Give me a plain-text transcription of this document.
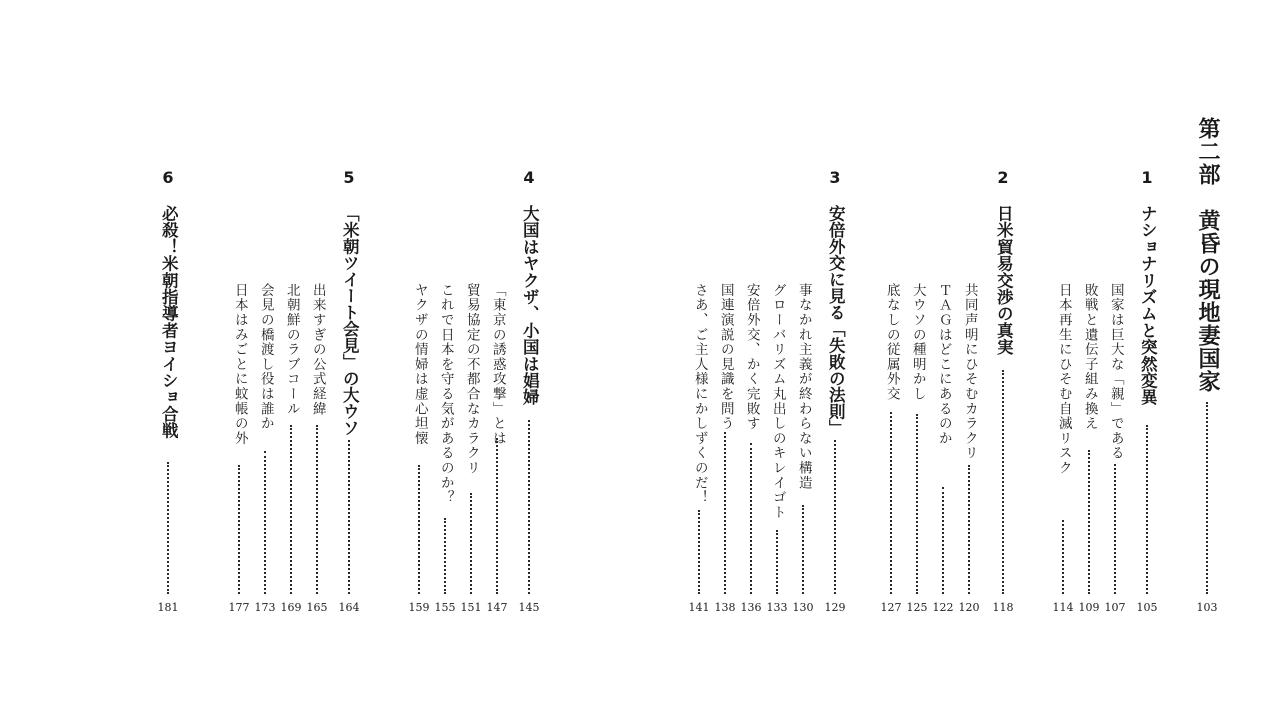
第二部　黄昏の現地妻国家
103
1
ナショナリズムと突然変異
105
国家は巨大な「親」である
107
敗戦と遺伝子組み換え
109
日本再生にひそむ自滅リスク
114
2
日米貿易交渉の真実
118
共同声明にひそむカラクリ
120
ＴＡＧはどこにあるのか
122
大ウソの種明かし
125
底なしの従属外交
127
3
安倍外交に見る「失敗の法則」
129
事なかれ主義が終わらない構造
130
グローバリズム丸出しのキレイゴト
133
安倍外交、かく完敗す
136
国連演説の見識を問う
138
さあ、ご主人様にかしずくのだ！
141
4
大国はヤクザ、小国は娼婦
145
「東京の誘惑攻撃」とは
147
貿易協定の不都合なカラクリ
151
これで日本を守る気があるのか？
155
ヤクザの情婦は虚心坦懐
159
5
「米朝ツイート会見」の大ウソ
164
出来すぎの公式経緯
165
北朝鮮のラブコール
169
会見の橋渡し役は誰か
173
日本はみごとに蚊帳の外
177
6
必殺！米朝指導者ヨイショ合戦
181
